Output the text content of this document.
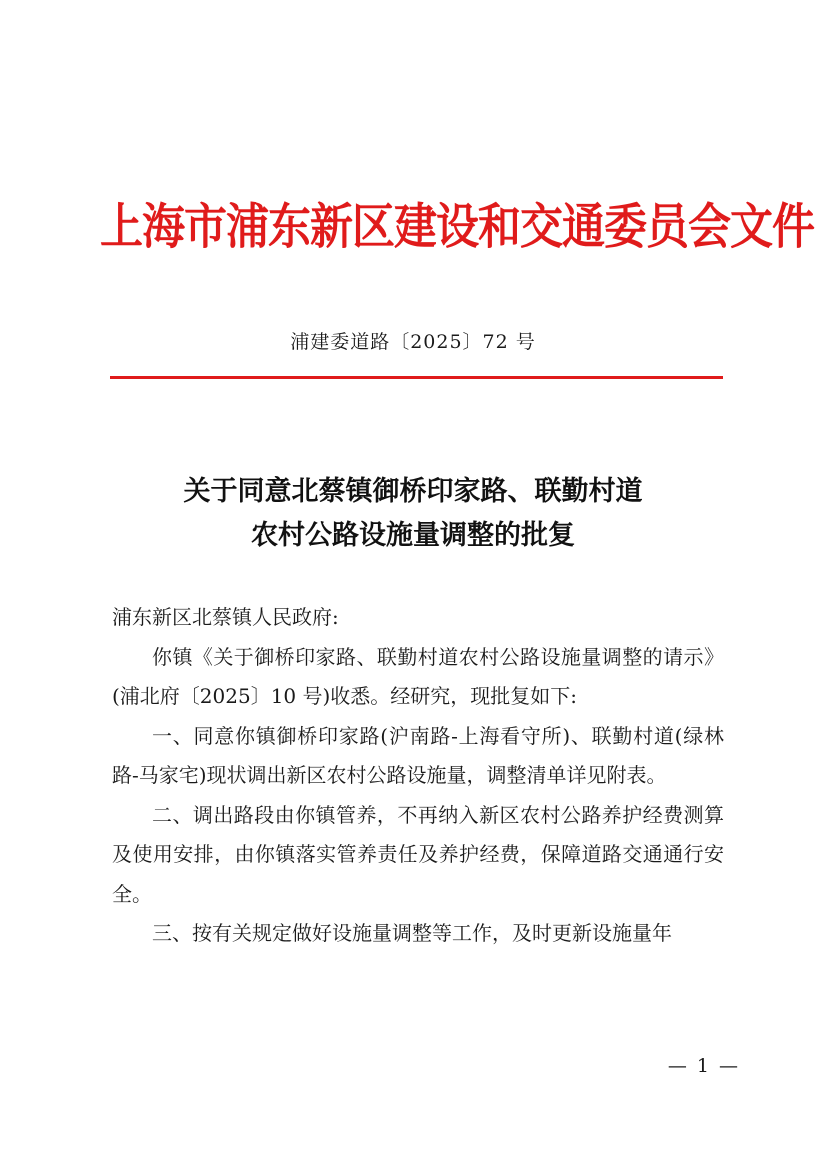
上海市浦东新区建设和交通委员会文件
浦建委道路〔2025〕72 号
关于同意北蔡镇御桥印家路、联勤村道
农村公路设施量调整的批复

浦东新区北蔡镇人民政府:

你镇《关于御桥印家路、联勤村道农村公路设施量调整的请示》(浦北府〔2025〕10 号)收悉。经研究，现批复如下:

一、同意你镇御桥印家路(沪南路-上海看守所)、联勤村道(绿林路-马家宅)现状调出新区农村公路设施量，调整清单详见附表。

二、调出路段由你镇管养，不再纳入新区农村公路养护经费测算及使用安排，由你镇落实管养责任及养护经费，保障道路交通通行安全。

三、按有关规定做好设施量调整等工作，及时更新设施量年

— 1 —
